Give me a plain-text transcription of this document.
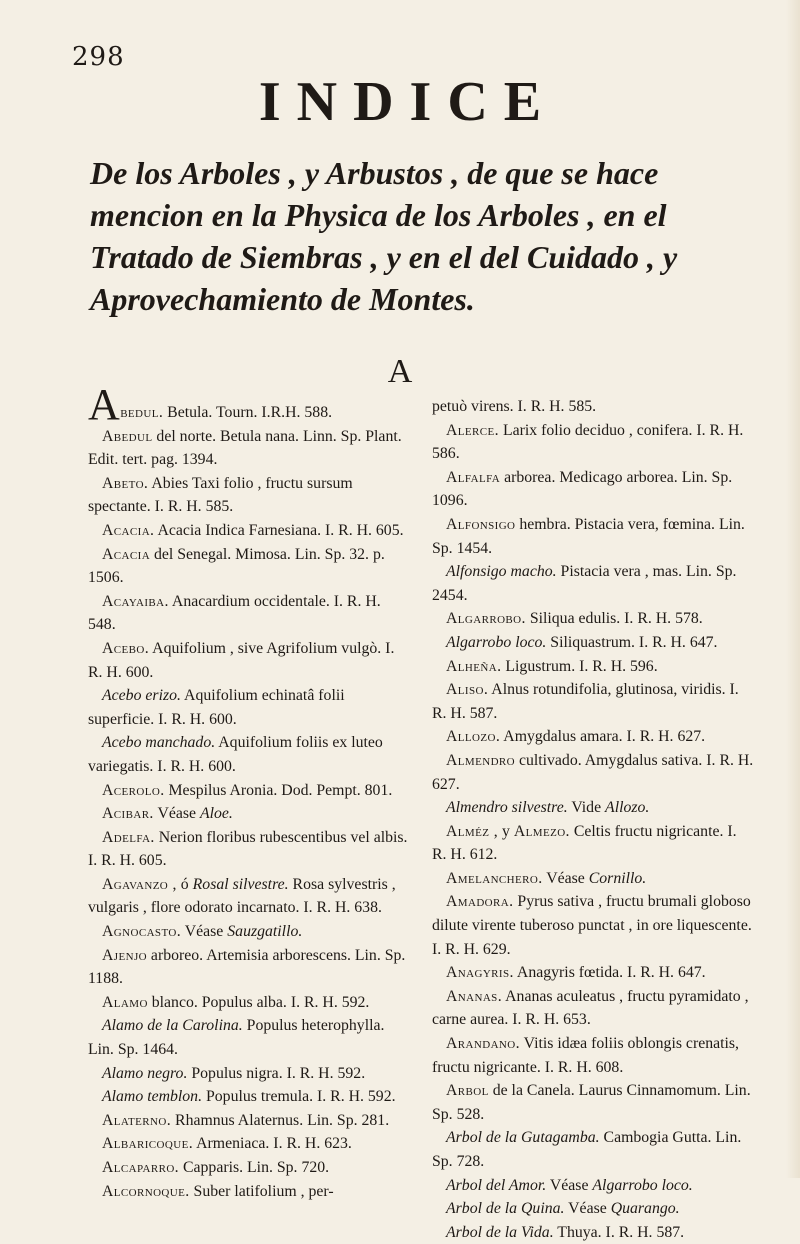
298
INDICE
De los Arboles , y Arbustos , de que se hace mencion en la Physica de los Arboles , en el Tratado de Siembras , y en el del Cuidado , y Aprovechamiento de Montes.
A

Abedul. Betula. Tourn. I.R.H. 588.

Abedul del norte. Betula nana. Linn. Sp. Plant. Edit. tert. pag. 1394.

Abeto. Abies Taxi folio , fructu sursum spectante. I. R. H. 585.

Acacia. Acacia Indica Farnesiana. I. R. H. 605.

Acacia del Senegal. Mimosa. Lin. Sp. 32. p. 1506.

Acayaiba. Anacardium occidentale. I. R. H. 548.

Acebo. Aquifolium , sive Agrifolium vulgò. I. R. H. 600.

Acebo erizo. Aquifolium echinatâ folii superficie. I. R. H. 600.

Acebo manchado. Aquifolium foliis ex luteo variegatis. I. R. H. 600.

Acerolo. Mespilus Aronia. Dod. Pempt. 801.

Acibar. Véase Aloe.

Adelfa. Nerion floribus rubescentibus vel albis. I. R. H. 605.

Agavanzo , ó Rosal silvestre. Rosa sylvestris , vulgaris , flore odorato incarnato. I. R. H. 638.

Agnocasto. Véase Sauzgatillo.

Ajenjo arboreo. Artemisia arborescens. Lin. Sp. 1188.

Alamo blanco. Populus alba. I. R. H. 592.

Alamo de la Carolina. Populus heterophylla. Lin. Sp. 1464.

Alamo negro. Populus nigra. I. R. H. 592.

Alamo temblon. Populus tremula. I. R. H. 592.

Alaterno. Rhamnus Alaternus. Lin. Sp. 281.

Albaricoque. Armeniaca. I. R. H. 623.

Alcaparro. Capparis. Lin. Sp. 720.

Alcornoque. Suber latifolium , per-

petuò virens. I. R. H. 585.

Alerce. Larix folio deciduo , conifera. I. R. H. 586.

Alfalfa arborea. Medicago arborea. Lin. Sp. 1096.

Alfonsigo hembra. Pistacia vera, fœmina. Lin. Sp. 1454.

Alfonsigo macho. Pistacia vera , mas. Lin. Sp. 2454.

Algarrobo. Siliqua edulis. I. R. H. 578.

Algarrobo loco. Siliquastrum. I. R. H. 647.

Alheña. Ligustrum. I. R. H. 596.

Aliso. Alnus rotundifolia, glutinosa, viridis. I. R. H. 587.

Allozo. Amygdalus amara. I. R. H. 627.

Almendro cultivado. Amygdalus sativa. I. R. H. 627.

Almendro silvestre. Vide Allozo.

Alméz , y Almezo. Celtis fructu nigricante. I. R. H. 612.

Amelanchero. Véase Cornillo.

Amadora. Pyrus sativa , fructu brumali globoso dilute virente tuberoso punctat , in ore liquescente. I. R. H. 629.

Anagyris. Anagyris fœtida. I. R. H. 647.

Ananas. Ananas aculeatus , fructu pyramidato , carne aurea. I. R. H. 653.

Arandano. Vitis idæa foliis oblongis crenatis, fructu nigricante. I. R. H. 608.

Arbol de la Canela. Laurus Cinnamomum. Lin. Sp. 528.

Arbol de la Gutagamba. Cambogia Gutta. Lin. Sp. 728.

Arbol del Amor. Véase Algarrobo loco.

Arbol de la Quina. Véase Quarango.

Arbol de la Vida. Thuya. I. R. H. 587.
